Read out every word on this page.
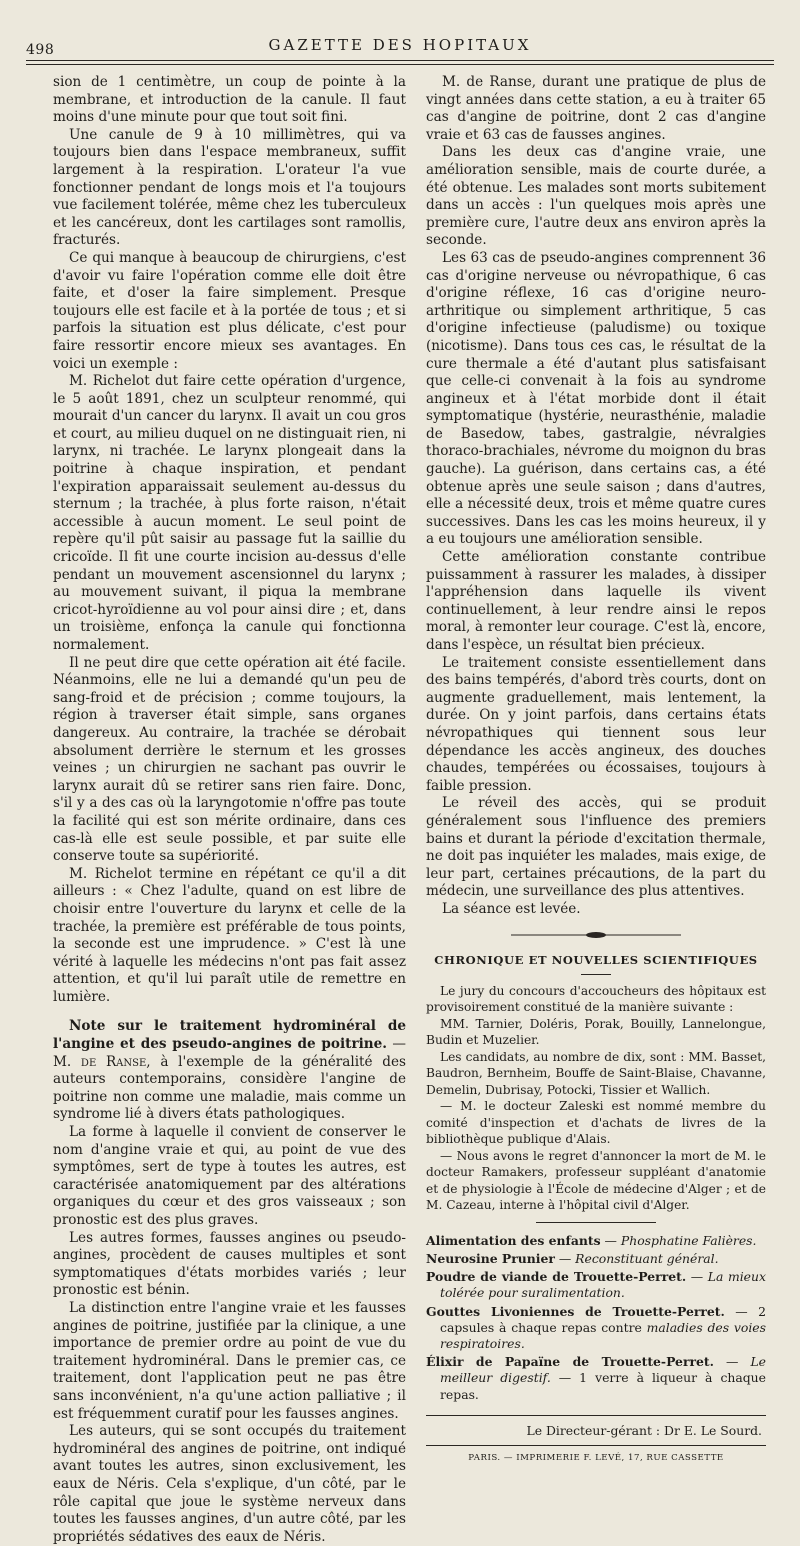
498	GAZETTE DES HOPITAUX

sion de 1 centimètre, un coup de pointe à la membrane, et introduction de la canule. Il faut moins d'une minute pour que tout soit fini.

Une canule de 9 à 10 millimètres, qui va toujours bien dans l'espace membraneux, suffit largement à la respiration. L'orateur l'a vue fonctionner pendant de longs mois et l'a toujours vue facilement tolérée, même chez les tuberculeux et les cancéreux, dont les cartilages sont ramollis, fracturés.

Ce qui manque à beaucoup de chirurgiens, c'est d'avoir vu faire l'opération comme elle doit être faite, et d'oser la faire simplement. Presque toujours elle est facile et à la portée de tous ; et si parfois la situation est plus délicate, c'est pour faire ressortir encore mieux ses avantages. En voici un exemple :

M. Richelot dut faire cette opération d'urgence, le 5 août 1891, chez un sculpteur renommé, qui mourait d'un cancer du larynx. Il avait un cou gros et court, au milieu duquel on ne distinguait rien, ni larynx, ni trachée. Le larynx plongeait dans la poitrine à chaque inspiration, et pendant l'expiration apparaissait seulement au-dessus du sternum ; la trachée, à plus forte raison, n'était accessible à aucun moment. Le seul point de repère qu'il pût saisir au passage fut la saillie du cricoïde. Il fit une courte incision au-dessus d'elle pendant un mouvement ascensionnel du larynx ; au mouvement suivant, il piqua la membrane cricot-hyroïdienne au vol pour ainsi dire ; et, dans un troisième, enfonça la canule qui fonctionna normalement.

Il ne peut dire que cette opération ait été facile. Néanmoins, elle ne lui a demandé qu'un peu de sang-froid et de précision ; comme toujours, la région à traverser était simple, sans organes dangereux. Au contraire, la trachée se dérobait absolument derrière le sternum et les grosses veines ; un chirurgien ne sachant pas ouvrir le larynx aurait dû se retirer sans rien faire. Donc, s'il y a des cas où la laryngotomie n'offre pas toute la facilité qui est son mérite ordinaire, dans ces cas-là elle est seule possible, et par suite elle conserve toute sa supériorité.

M. Richelot termine en répétant ce qu'il a dit ailleurs : « Chez l'adulte, quand on est libre de choisir entre l'ouverture du larynx et celle de la trachée, la première est préférable de tous points, la seconde est une imprudence. » C'est là une vérité à laquelle les médecins n'ont pas fait assez attention, et qu'il lui paraît utile de remettre en lumière.

Note sur le traitement hydrominéral de l'angine et des pseudo-angines de poitrine. — M. de Ranse, à l'exemple de la généralité des auteurs contemporains, considère l'angine de poitrine non comme une maladie, mais comme un syndrome lié à divers états pathologiques.

La forme à laquelle il convient de conserver le nom d'angine vraie et qui, au point de vue des symptômes, sert de type à toutes les autres, est caractérisée anatomiquement par des altérations organiques du cœur et des gros vaisseaux ; son pronostic est des plus graves.

Les autres formes, fausses angines ou pseudo-angines, procèdent de causes multiples et sont symptomatiques d'états morbides variés ; leur pronostic est bénin.

La distinction entre l'angine vraie et les fausses angines de poitrine, justifiée par la clinique, a une importance de premier ordre au point de vue du traitement hydrominéral. Dans le premier cas, ce traitement, dont l'application peut ne pas être sans inconvénient, n'a qu'une action palliative ; il est fréquemment curatif pour les fausses angines.

Les auteurs, qui se sont occupés du traitement hydrominéral des angines de poitrine, ont indiqué avant toutes les autres, sinon exclusivement, les eaux de Néris. Cela s'explique, d'un côté, par le rôle capital que joue le système nerveux dans toutes les fausses angines, d'un autre côté, par les propriétés sédatives des eaux de Néris.

M. de Ranse, durant une pratique de plus de vingt années dans cette station, a eu à traiter 65 cas d'angine de poitrine, dont 2 cas d'angine vraie et 63 cas de fausses angines.

Dans les deux cas d'angine vraie, une amélioration sensible, mais de courte durée, a été obtenue. Les malades sont morts subitement dans un accès : l'un quelques mois après une première cure, l'autre deux ans environ après la seconde.

Les 63 cas de pseudo-angines comprennent 36 cas d'origine nerveuse ou névropathique, 6 cas d'origine réflexe, 16 cas d'origine neuro-arthritique ou simplement arthritique, 5 cas d'origine infectieuse (paludisme) ou toxique (nicotisme). Dans tous ces cas, le résultat de la cure thermale a été d'autant plus satisfaisant que celle-ci convenait à la fois au syndrome angineux et à l'état morbide dont il était symptomatique (hystérie, neurasthénie, maladie de Basedow, tabes, gastralgie, névralgies thoraco-brachiales, névrome du moignon du bras gauche). La guérison, dans certains cas, a été obtenue après une seule saison ; dans d'autres, elle a nécessité deux, trois et même quatre cures successives. Dans les cas les moins heureux, il y a eu toujours une amélioration sensible.

Cette amélioration constante contribue puissamment à rassurer les malades, à dissiper l'appréhension dans laquelle ils vivent continuellement, à leur rendre ainsi le repos moral, à remonter leur courage. C'est là, encore, dans l'espèce, un résultat bien précieux.

Le traitement consiste essentiellement dans des bains tempérés, d'abord très courts, dont on augmente graduellement, mais lentement, la durée. On y joint parfois, dans certains états névropathiques qui tiennent sous leur dépendance les accès angineux, des douches chaudes, tempérées ou écossaises, toujours à faible pression.

Le réveil des accès, qui se produit généralement sous l'influence des premiers bains et durant la période d'excitation thermale, ne doit pas inquiéter les malades, mais exige, de leur part, certaines précautions, de la part du médecin, une surveillance des plus attentives.

La séance est levée.

CHRONIQUE ET NOUVELLES SCIENTIFIQUES

Le jury du concours d'accoucheurs des hôpitaux est provisoirement constitué de la manière suivante :

MM. Tarnier, Doléris, Porak, Bouilly, Lannelongue, Budin et Muzelier.

Les candidats, au nombre de dix, sont : MM. Basset, Baudron, Bernheim, Bouffe de Saint-Blaise, Chavanne, Demelin, Dubrisay, Potocki, Tissier et Wallich.

— M. le docteur Zaleski est nommé membre du comité d'inspection et d'achats de livres de la bibliothèque publique d'Alais.

— Nous avons le regret d'annoncer la mort de M. le docteur Ramakers, professeur suppléant d'anatomie et de physiologie à l'École de médecine d'Alger ; et de M. Cazeau, interne à l'hôpital civil d'Alger.

Alimentation des enfants — Phosphatine Falières.
Neurosine Prunier — Reconstituant général.
Poudre de viande de Trouette-Perret. — La mieux tolérée pour suralimentation.
Gouttes Livoniennes de Trouette-Perret. — 2 capsules à chaque repas contre maladies des voies respiratoires.
Élixir de Papaïne de Trouette-Perret. — Le meilleur digestif. — 1 verre à liqueur à chaque repas.
Le Directeur-gérant : Dr E. Le Sourd.
PARIS. — IMPRIMERIE F. LEVÉ, 17, RUE CASSETTE
